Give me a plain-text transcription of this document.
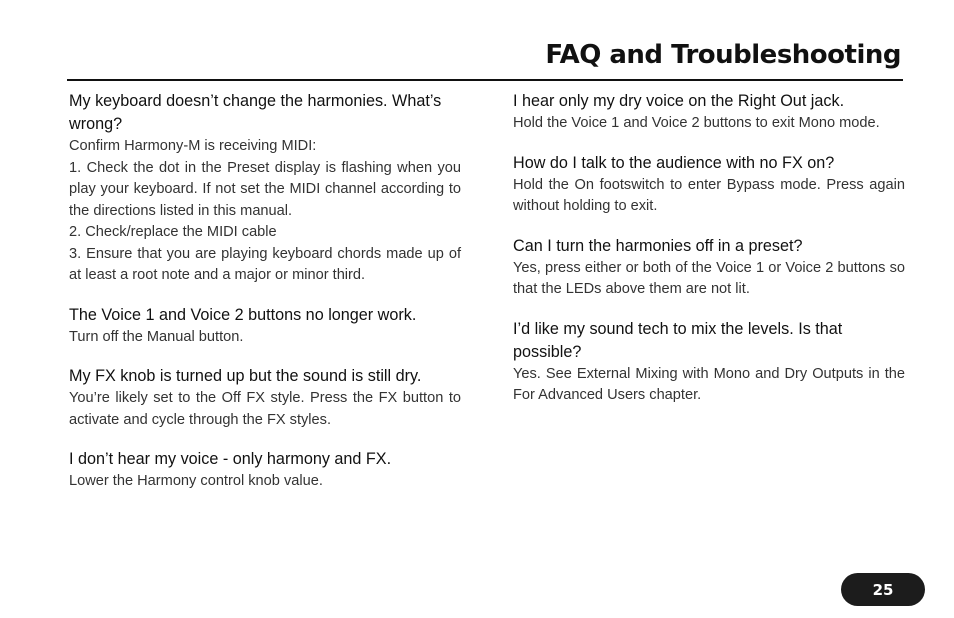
FAQ and Troubleshooting

My keyboard doesn’t change the harmonies. What’s wrong?

Confirm Harmony-M is receiving MIDI:

1. Check the dot in the Preset display is flashing when you play your keyboard. If not set the MIDI channel according to the directions listed in this manual.

2. Check/replace the MIDI cable

3. Ensure that you are playing keyboard chords made up of at least a root note and a major or minor third.

The Voice 1 and Voice 2 buttons no longer work.

Turn off the Manual button.

My FX knob is turned up but the sound is still dry.

You’re likely set to the Off FX style. Press the FX button to activate and cycle through the FX styles.

I don’t hear my voice - only harmony and FX.

Lower the Harmony control knob value.

I hear only my dry voice on the Right Out jack.

Hold the Voice 1 and Voice 2 buttons to exit Mono mode.

How do I talk to the audience with no FX on?

Hold the On footswitch to enter Bypass mode. Press again without holding to exit.

Can I turn the harmonies off in a preset?

Yes, press either or both of the Voice 1 or Voice 2 buttons so that the LEDs above them are not lit.

I’d like my sound tech to mix the levels. Is that possible?

Yes. See External Mixing with Mono and Dry Outputs in the For Advanced Users chapter.

25
